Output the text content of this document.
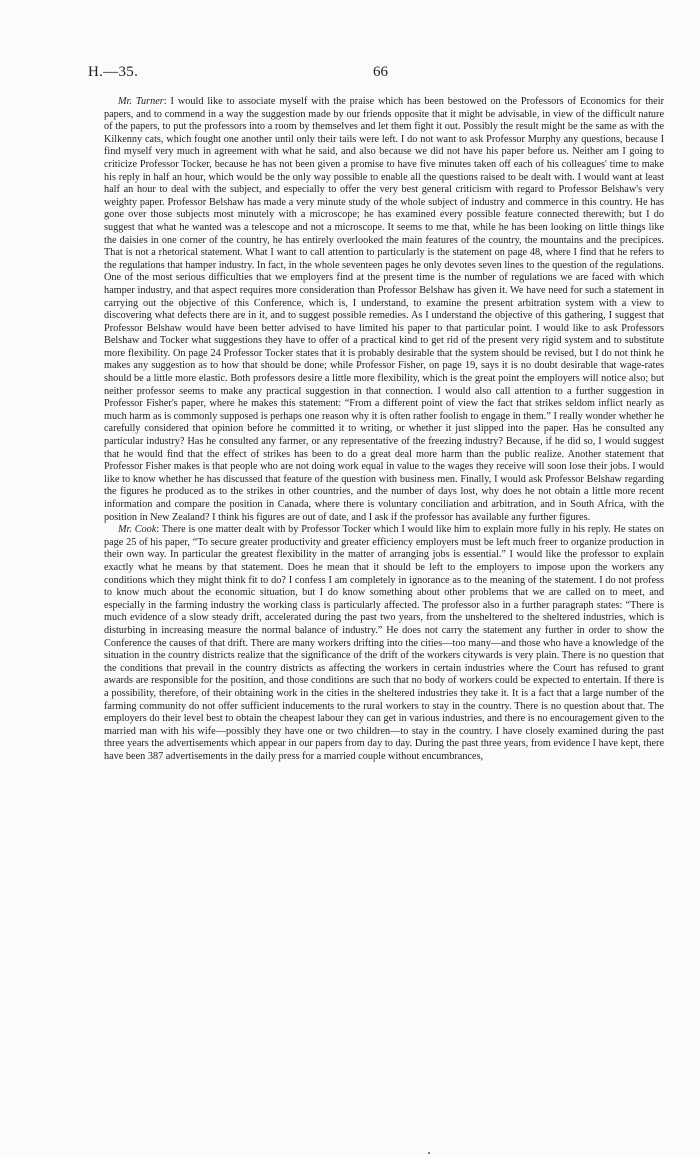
H.—35.	66

Mr. Turner: I would like to associate myself with the praise which has been bestowed on the Professors of Economics for their papers, and to commend in a way the suggestion made by our friends opposite that it might be advisable, in view of the difficult nature of the papers, to put the professors into a room by themselves and let them fight it out. Possibly the result might be the same as with the Kilkenny cats, which fought one another until only their tails were left. I do not want to ask Professor Murphy any questions, because I find myself very much in agreement with what he said, and also because we did not have his paper before us. Neither am I going to criticize Professor Tocker, because he has not been given a promise to have five minutes taken off each of his colleagues' time to make his reply in half an hour, which would be the only way possible to enable all the questions raised to be dealt with. I would want at least half an hour to deal with the subject, and especially to offer the very best general criticism with regard to Professor Belshaw's very weighty paper. Professor Belshaw has made a very minute study of the whole subject of industry and commerce in this country. He has gone over those subjects most minutely with a microscope; he has examined every possible feature connected therewith; but I do suggest that what he wanted was a telescope and not a microscope. It seems to me that, while he has been looking on little things like the daisies in one corner of the country, he has entirely overlooked the main features of the country, the mountains and the precipices. That is not a rhetorical statement. What I want to call attention to particularly is the statement on page 48, where I find that he refers to the regulations that hamper industry. In fact, in the whole seventeen pages he only devotes seven lines to the question of the regulations. One of the most serious difficulties that we employers find at the present time is the number of regulations we are faced with which hamper industry, and that aspect requires more consideration than Professor Belshaw has given it. We have need for such a statement in carrying out the objective of this Conference, which is, I understand, to examine the present arbitration system with a view to discovering what defects there are in it, and to suggest possible remedies. As I understand the objective of this gathering, I suggest that Professor Belshaw would have been better advised to have limited his paper to that particular point. I would like to ask Professors Belshaw and Tocker what suggestions they have to offer of a practical kind to get rid of the present very rigid system and to substitute more flexibility. On page 24 Professor Tocker states that it is probably desirable that the system should be revised, but I do not think he makes any suggestion as to how that should be done; while Professor Fisher, on page 19, says it is no doubt desirable that wage-rates should be a little more elastic. Both professors desire a little more flexibility, which is the great point the employers will notice also; but neither professor seems to make any practical suggestion in that connection. I would also call attention to a further suggestion in Professor Fisher's paper, where he makes this statement: “From a different point of view the fact that strikes seldom inflict nearly as much harm as is commonly supposed is perhaps one reason why it is often rather foolish to engage in them.” I really wonder whether he carefully considered that opinion before he committed it to writing, or whether it just slipped into the paper. Has he consulted any particular industry? Has he consulted any farmer, or any representative of the freezing industry? Because, if he did so, I would suggest that he would find that the effect of strikes has been to do a great deal more harm than the public realize. Another statement that Professor Fisher makes is that people who are not doing work equal in value to the wages they receive will soon lose their jobs. I would like to know whether he has discussed that feature of the question with business men. Finally, I would ask Professor Belshaw regarding the figures he produced as to the strikes in other countries, and the number of days lost, why does he not obtain a little more recent information and compare the position in Canada, where there is voluntary conciliation and arbitration, and in South Africa, with the position in New Zealand? I think his figures are out of date, and I ask if the professor has available any further figures.

Mr. Cook: There is one matter dealt with by Professor Tocker which I would like him to explain more fully in his reply. He states on page 25 of his paper, “To secure greater productivity and greater efficiency employers must be left much freer to organize production in their own way. In particular the greatest flexibility in the matter of arranging jobs is essential.” I would like the professor to explain exactly what he means by that statement. Does he mean that it should be left to the employers to impose upon the workers any conditions which they might think fit to do? I confess I am completely in ignorance as to the meaning of the statement. I do not profess to know much about the economic situation, but I do know something about other problems that we are called on to meet, and especially in the farming industry the working class is particularly affected. The professor also in a further paragraph states: “There is much evidence of a slow steady drift, accelerated during the past two years, from the unsheltered to the sheltered industries, which is disturbing in increasing measure the normal balance of industry.” He does not carry the statement any further in order to show the Conference the causes of that drift. There are many workers drifting into the cities—too many—and those who have a knowledge of the situation in the country districts realize that the significance of the drift of the workers citywards is very plain. There is no question that the conditions that prevail in the country districts as affecting the workers in certain industries where the Court has refused to grant awards are responsible for the position, and those conditions are such that no body of workers could be expected to entertain. If there is a possibility, therefore, of their obtaining work in the cities in the sheltered industries they take it. It is a fact that a large number of the farming community do not offer sufficient inducements to the rural workers to stay in the country. There is no question about that. The employers do their level best to obtain the cheapest labour they can get in various industries, and there is no encouragement given to the married man with his wife—possibly they have one or two children—to stay in the country. I have closely examined during the past three years the advertisements which appear in our papers from day to day. During the past three years, from evidence I have kept, there have been 387 advertisements in the daily press for a married couple without encumbrances,
